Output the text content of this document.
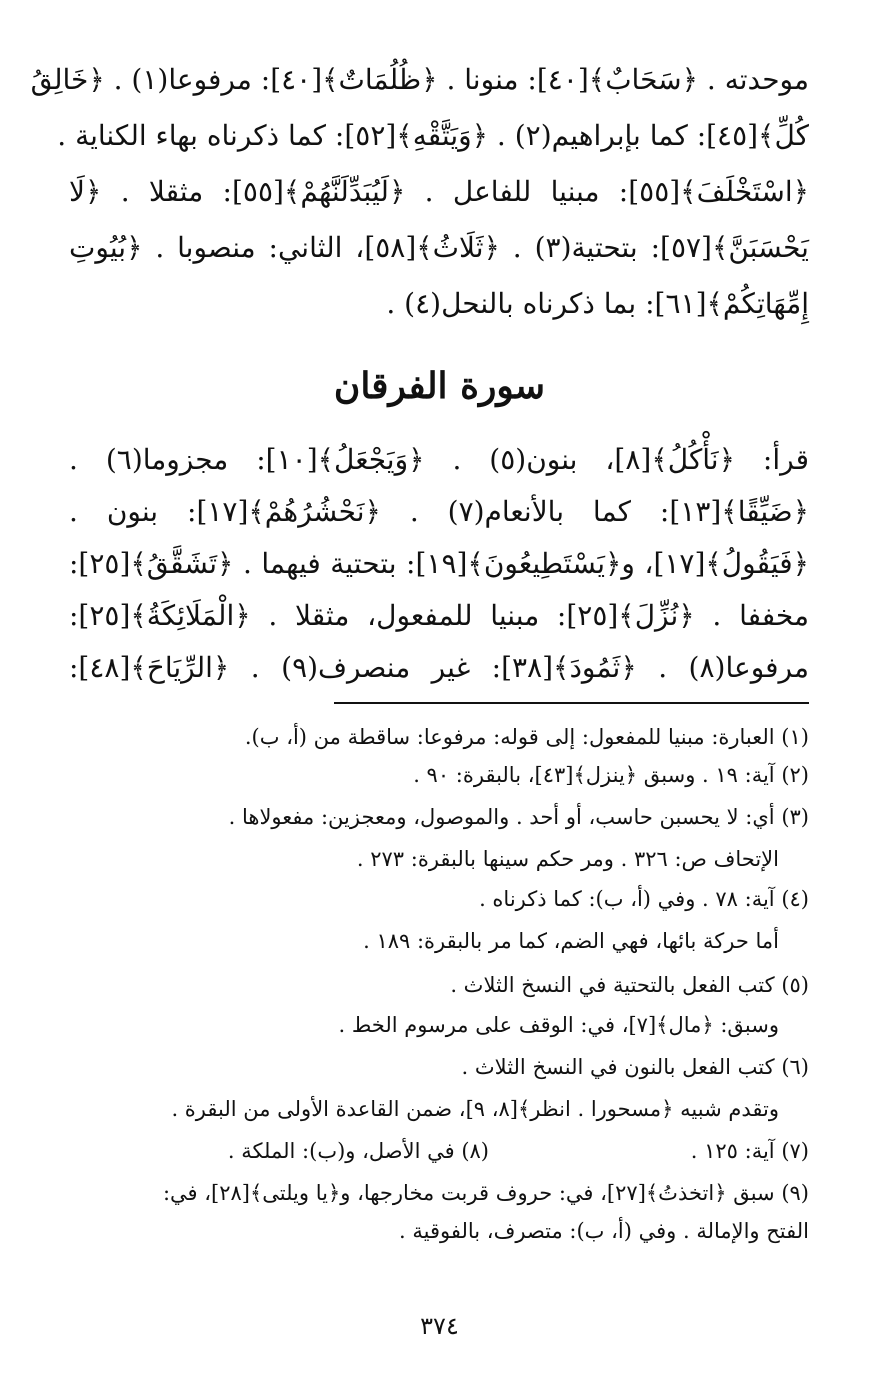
موحدته . ﴿سَحَابٌ﴾[٤٠]: منونا . ﴿ظُلُمَاتٌ﴾[٤٠]: مرفوعا(١) . ﴿خَالِقُ
كُلِّ﴾[٤٥]: كما بإبراهيم(٢) . ﴿وَيَتَّقْهِ﴾[٥٢]: كما ذكرناه بهاء الكناية .
﴿اسْتَخْلَفَ﴾[٥٥]: مبنيا للفاعل . ﴿لَيُبَدِّلَنَّهُمْ﴾[٥٥]: مثقلا . ﴿لَا
يَحْسَبَنَّ﴾[٥٧]: بتحتية(٣) . ﴿ثَلَاثُ﴾[٥٨]، الثاني: منصوبا . ﴿بُيُوتِ
إِمِّهَاتِكُمْ﴾[٦١]: بما ذكرناه بالنحل(٤) .
سورة الفرقان
قرأ: ﴿نَأْكُلُ﴾[٨]، بنون(٥) . ﴿وَيَجْعَلُ﴾[١٠]: مجزوما(٦) .
﴿ضَيِّقًا﴾[١٣]: كما بالأنعام(٧) . ﴿نَحْشُرُهُمْ﴾[١٧]: بنون .
﴿فَيَقُولُ﴾[١٧]، و﴿يَسْتَطِيعُونَ﴾[١٩]: بتحتية فيهما . ﴿تَشَقَّقُ﴾[٢٥]:
مخففا . ﴿نُزِّلَ﴾[٢٥]: مبنيا للمفعول، مثقلا . ﴿الْمَلَائِكَةُ﴾[٢٥]:
مرفوعا(٨) . ﴿ثَمُودَ﴾[٣٨]: غير منصرف(٩) . ﴿الرِّيَاحَ﴾[٤٨]:
(١) العبارة: مبنيا للمفعول: إلى قوله: مرفوعا: ساقطة من (أ، ب).
(٢) آية: ١٩ . وسبق ﴿ينزل﴾[٤٣]، بالبقرة: ٩٠ .
(٣) أي: لا يحسبن حاسب، أو أحد . والموصول، ومعجزين: مفعولاها .
الإتحاف ص: ٣٢٦ . ومر حكم سينها بالبقرة: ٢٧٣ .
(٤) آية: ٧٨ . وفي (أ، ب): كما ذكرناه .
أما حركة بائها، فهي الضم، كما مر بالبقرة: ١٨٩ .
(٥) كتب الفعل بالتحتية في النسخ الثلاث .
وسبق: ﴿مال﴾[٧]، في: الوقف على مرسوم الخط .
(٦) كتب الفعل بالنون في النسخ الثلاث .
وتقدم شبيه ﴿مسحورا . انظر﴾[٨، ٩]، ضمن القاعدة الأولى من البقرة .
(٧) آية: ١٢٥ .
(٨) في الأصل، و(ب): الملكة .
(٩) سبق ﴿اتخذتُ﴾[٢٧]، في: حروف قربت مخارجها، و﴿يا ويلتى﴾[٢٨]، في:
الفتح والإمالة . وفي (أ، ب): متصرف، بالفوقية .
٣٧٤
